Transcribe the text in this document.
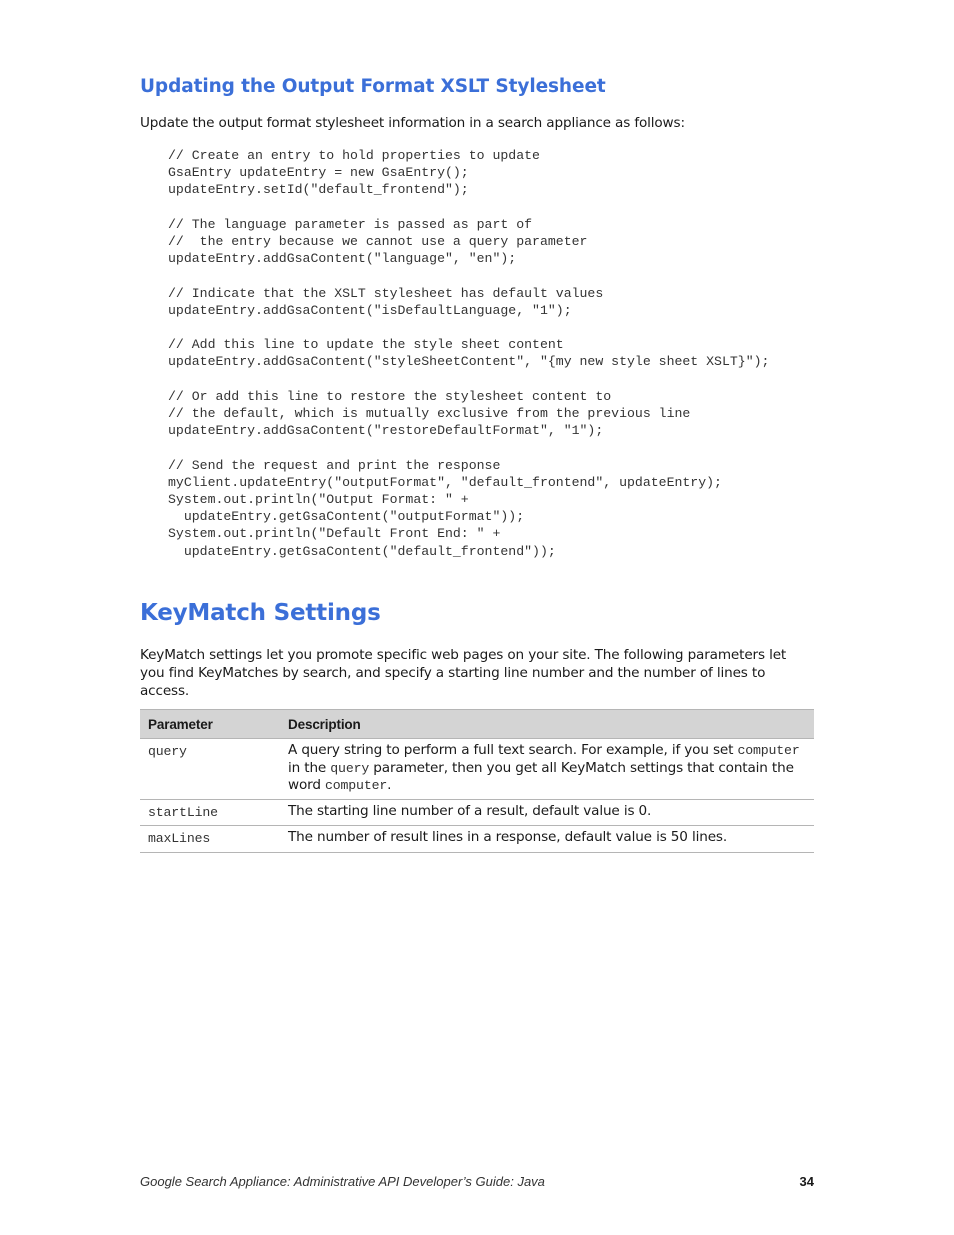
Updating the Output Format XSLT Stylesheet

Update the output format stylesheet information in a search appliance as follows:

// Create an entry to hold properties to update
GsaEntry updateEntry = new GsaEntry();
updateEntry.setId("default_frontend");

// The language parameter is passed as part of
//  the entry because we cannot use a query parameter
updateEntry.addGsaContent("language", "en");

// Indicate that the XSLT stylesheet has default values
updateEntry.addGsaContent("isDefaultLanguage, "1");

// Add this line to update the style sheet content
updateEntry.addGsaContent("styleSheetContent", "{my new style sheet XSLT}");

// Or add this line to restore the stylesheet content to
// the default, which is mutually exclusive from the previous line
updateEntry.addGsaContent("restoreDefaultFormat", "1");

// Send the request and print the response
myClient.updateEntry("outputFormat", "default_frontend", updateEntry);
System.out.println("Output Format: " +
updateEntry.getGsaContent("outputFormat"));
System.out.println("Default Front End: " +
updateEntry.getGsaContent("default_frontend"));
KeyMatch Settings

KeyMatch settings let you promote specific web pages on your site. The following parameters let you find KeyMatches by search, and specify a starting line number and the number of lines to access.

Parameter	Description
query	A query string to perform a full text search. For example, if you set computer in the query parameter, then you get all KeyMatch settings that contain the word computer.
startLine	The starting line number of a result, default value is 0.
maxLines	The number of result lines in a response, default value is 50 lines.

Google Search Appliance: Administrative API Developer’s Guide: Java	34
